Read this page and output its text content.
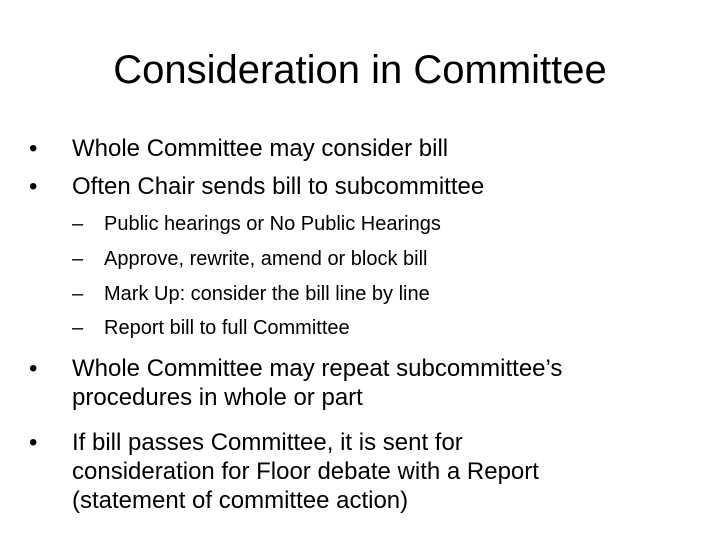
Consideration in Committee
•	Whole Committee may consider bill
•	Often Chair sends bill to subcommittee
– Public hearings or No Public Hearings
– Approve, rewrite, amend or block bill
– Mark Up: consider the bill line by line
– Report bill to full Committee
•	Whole Committee may repeat subcommittee’s
procedures in whole or part
•	If bill passes Committee, it is sent for
consideration for Floor debate with a Report
(statement of committee action)
